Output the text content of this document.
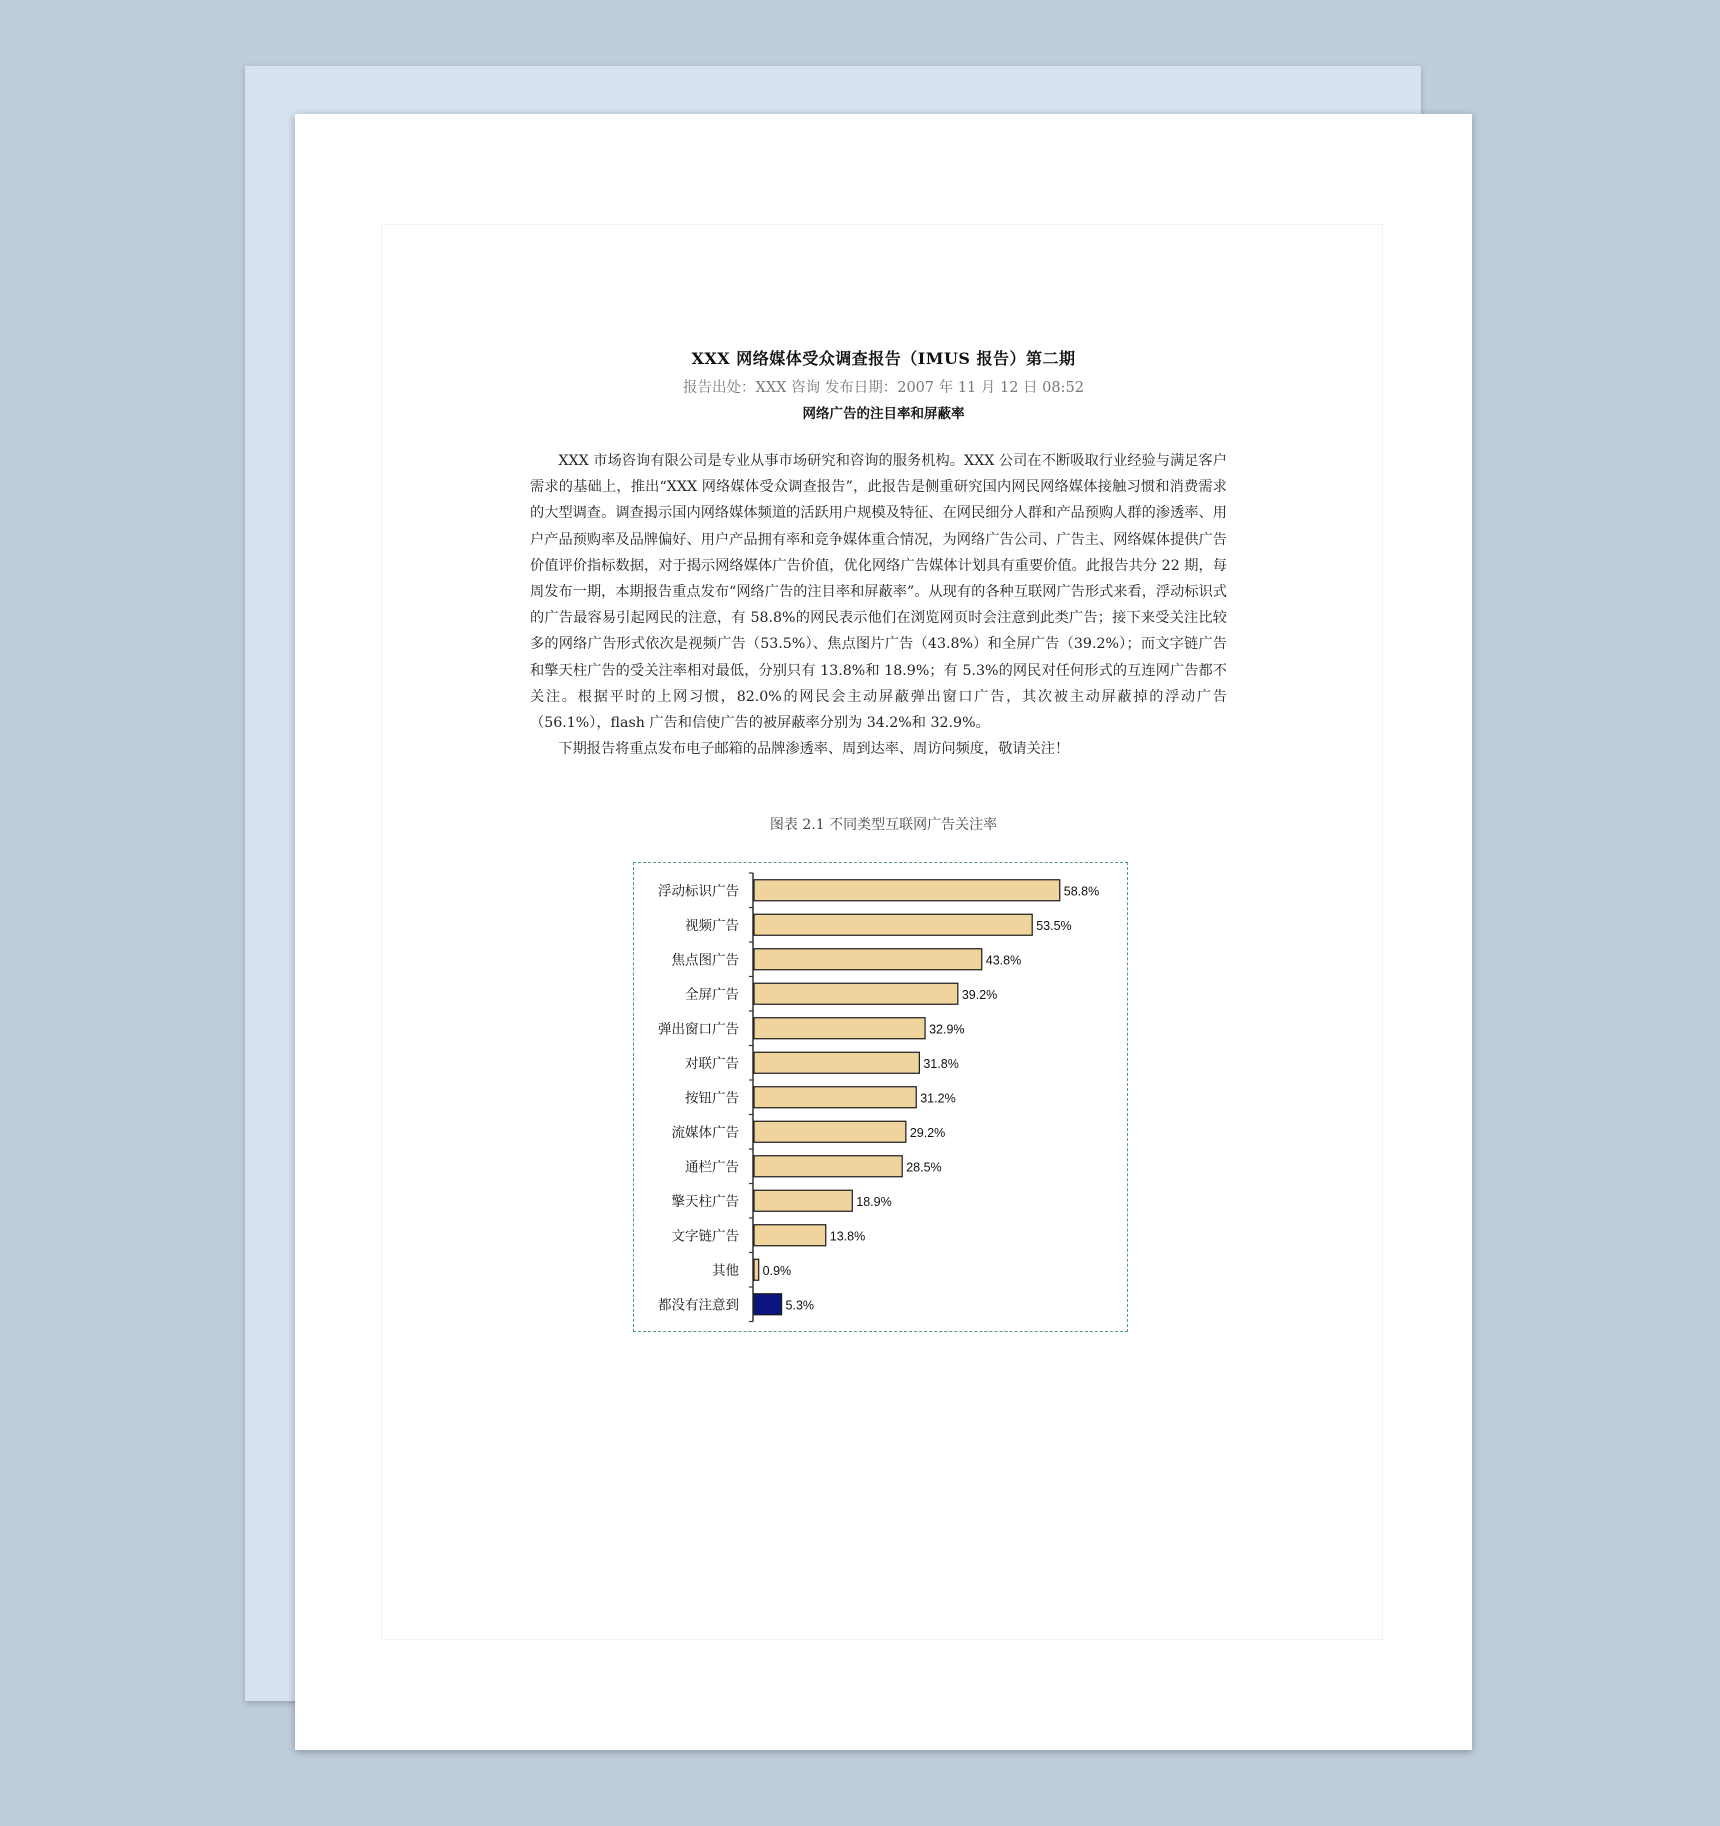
XXX 网络媒体受众调查报告（IMUS 报告）第二期
报告出处：XXX 咨询 发布日期：2007 年 11 月 12 日 08:52
网络广告的注目率和屏蔽率

XXX 市场咨询有限公司是专业从事市场研究和咨询的服务机构。XXX 公司在不断吸取行业经验与满足客户需求的基础上，推出“XXX 网络媒体受众调查报告”，此报告是侧重研究国内网民网络媒体接触习惯和消费需求的大型调查。调查揭示国内网络媒体频道的活跃用户规模及特征、在网民细分人群和产品预购人群的渗透率、用户产品预购率及品牌偏好、用户产品拥有率和竞争媒体重合情况，为网络广告公司、广告主、网络媒体提供广告价值评价指标数据，对于揭示网络媒体广告价值，优化网络广告媒体计划具有重要价值。此报告共分 22 期，每周发布一期，本期报告重点发布“网络广告的注目率和屏蔽率”。从现有的各种互联网广告形式来看，浮动标识式的广告最容易引起网民的注意，有 58.8%的网民表示他们在浏览网页时会注意到此类广告；接下来受关注比较多的网络广告形式依次是视频广告（53.5%）、焦点图片广告（43.8%）和全屏广告（39.2%）；而文字链广告和擎天柱广告的受关注率相对最低，分别只有 13.8%和 18.9%；有 5.3%的网民对任何形式的互连网广告都不关注。根据平时的上网习惯，82.0%的网民会主动屏蔽弹出窗口广告，其次被主动屏蔽掉的浮动广告（56.1%），flash 广告和信使广告的被屏蔽率分别为 34.2%和 32.9%。

下期报告将重点发布电子邮箱的品牌渗透率、周到达率、周访问频度，敬请关注！

图表 2.1 不同类型互联网广告关注率
浮动标识广告	58.8%
视频广告	53.5%
焦点图广告	43.8%
全屏广告	39.2%
弹出窗口广告	32.9%
对联广告	31.8%
按钮广告	31.2%
流媒体广告	29.2%
通栏广告	28.5%
擎天柱广告	18.9%
文字链广告	13.8%
其他 0.9%
都没有注意到	5.3%
